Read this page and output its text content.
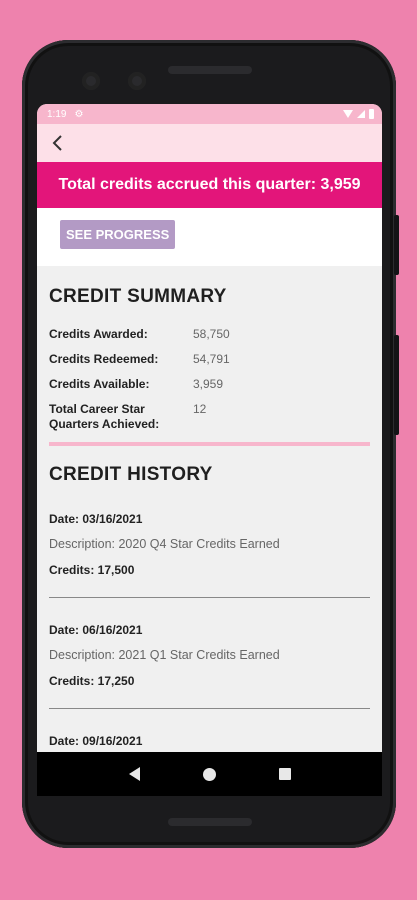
1:19 ⚙
Total credits accrued this quarter: 3,959
SEE PROGRESS
CREDIT SUMMARY
Credits Awarded:	58,750
Credits Redeemed:	54,791
Credits Available:	3,959
Total Career Star Quarters Achieved:
12
CREDIT HISTORY
Date: 03/16/2021
Description: 2020 Q4 Star Credits Earned
Credits: 17,500
Date: 06/16/2021
Description: 2021 Q1 Star Credits Earned
Credits: 17,250
Date: 09/16/2021
